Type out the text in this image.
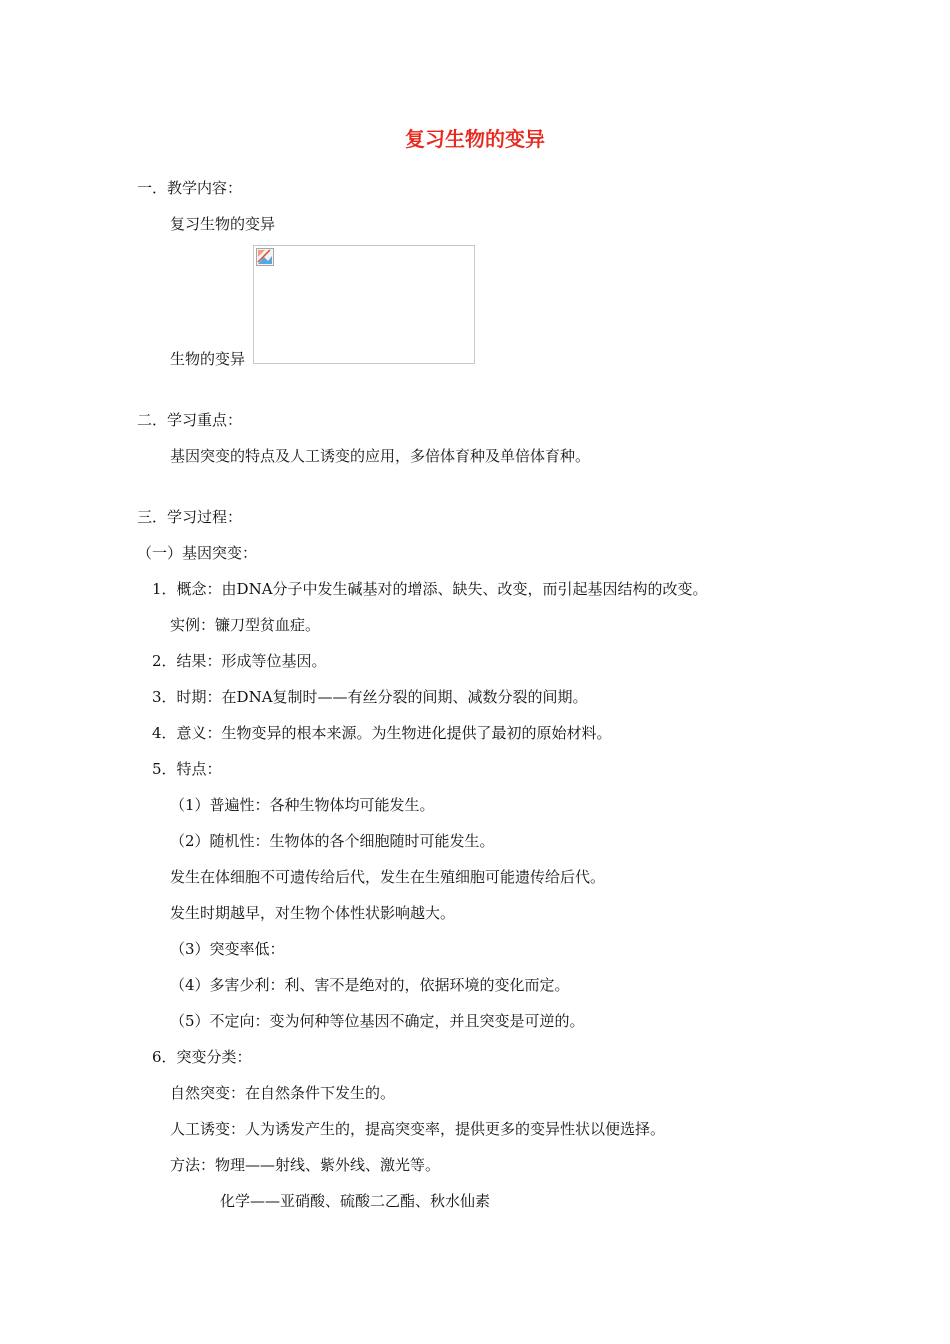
复习生物的变异
一．教学内容：
复习生物的变异
生物的变异
二．学习重点：
基因突变的特点及人工诱变的应用，多倍体育种及单倍体育种。
三．学习过程：
（一）基因突变：
1．概念：由DNA分子中发生碱基对的增添、缺失、改变，而引起基因结构的改变。
实例：镰刀型贫血症。
2．结果：形成等位基因。
3．时期：在DNA复制时——有丝分裂的间期、减数分裂的间期。
4．意义：生物变异的根本来源。为生物进化提供了最初的原始材料。
5．特点：
（1）普遍性：各种生物体均可能发生。
（2）随机性：生物体的各个细胞随时可能发生。
发生在体细胞不可遗传给后代，发生在生殖细胞可能遗传给后代。
发生时期越早，对生物个体性状影响越大。
（3）突变率低：
（4）多害少利：利、害不是绝对的，依据环境的变化而定。
（5）不定向：变为何种等位基因不确定，并且突变是可逆的。
6．突变分类：
自然突变：在自然条件下发生的。
人工诱变：人为诱发产生的，提高突变率，提供更多的变异性状以便选择。
方法：物理——射线、紫外线、激光等。
化学——亚硝酸、硫酸二乙酯、秋水仙素
